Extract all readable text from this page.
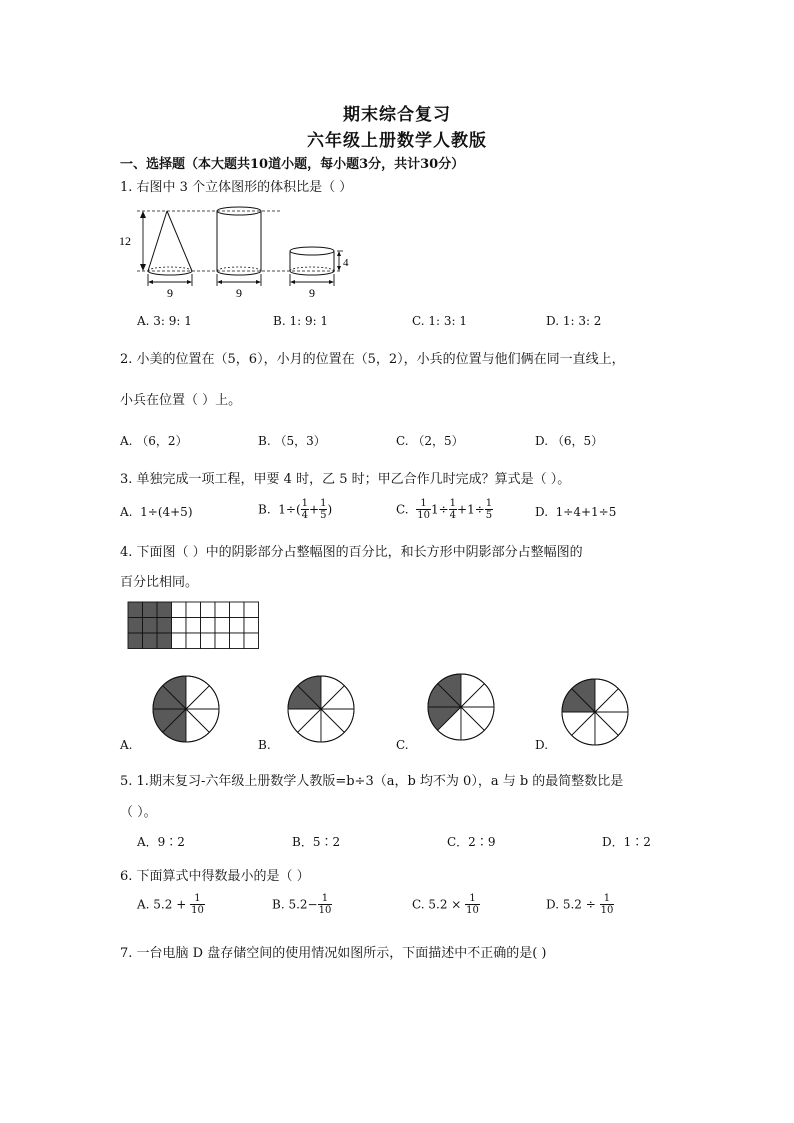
期末综合复习
六年级上册数学人教版
一、选择题（本大题共10道小题，每小题3分，共计30分）
1. 右图中 3 个立体图形的体积比是（ ）
12
4
9	9	9
A. 3: 9: 1	B. 1: 9: 1	C. 1: 3: 1	D. 1: 3: 2
2. 小美的位置在（5，6），小月的位置在（5，2），小兵的位置与他们俩在同一直线上，
小兵在位置（ ）上。
A. （6，2）	B. （5，3）	C. （2，5）	D. （6，5）
3. 单独完成一项工程，甲要 4 时，乙 5 时；甲乙合作几时完成？算式是（ ）。
A. 1÷(4+5)	B. $1\div( \frac{1}{4} + \frac{1}{5}$ )	C. $\frac{1}{10} 1\div \frac{1}{4} +1\div \frac{1}{5}$	D. 1÷4+1÷5
4. 下面图（ ）中的阴影部分占整幅图的百分比，和长方形中阴影部分占整幅图的
百分比相同。
A.	B.	C.	D.
5. 1.期末复习-六年级上册数学人教版=b÷3（a，b 均不为 0），a 与 b 的最简整数比是
（ ）。
A．9∶2	B．5∶2	C．2∶9	D．1∶2
6. 下面算式中得数最小的是（ ）
A. $5.2 + \frac{1}{10}$	B. $5.2- \frac{1}{10}$	C. $5.2 \times \frac{1}{10}$	D. $5.2 \div \frac{1}{10}$
7. 一台电脑 D 盘存储空间的使用情况如图所示，下面描述中不正确的是( )
